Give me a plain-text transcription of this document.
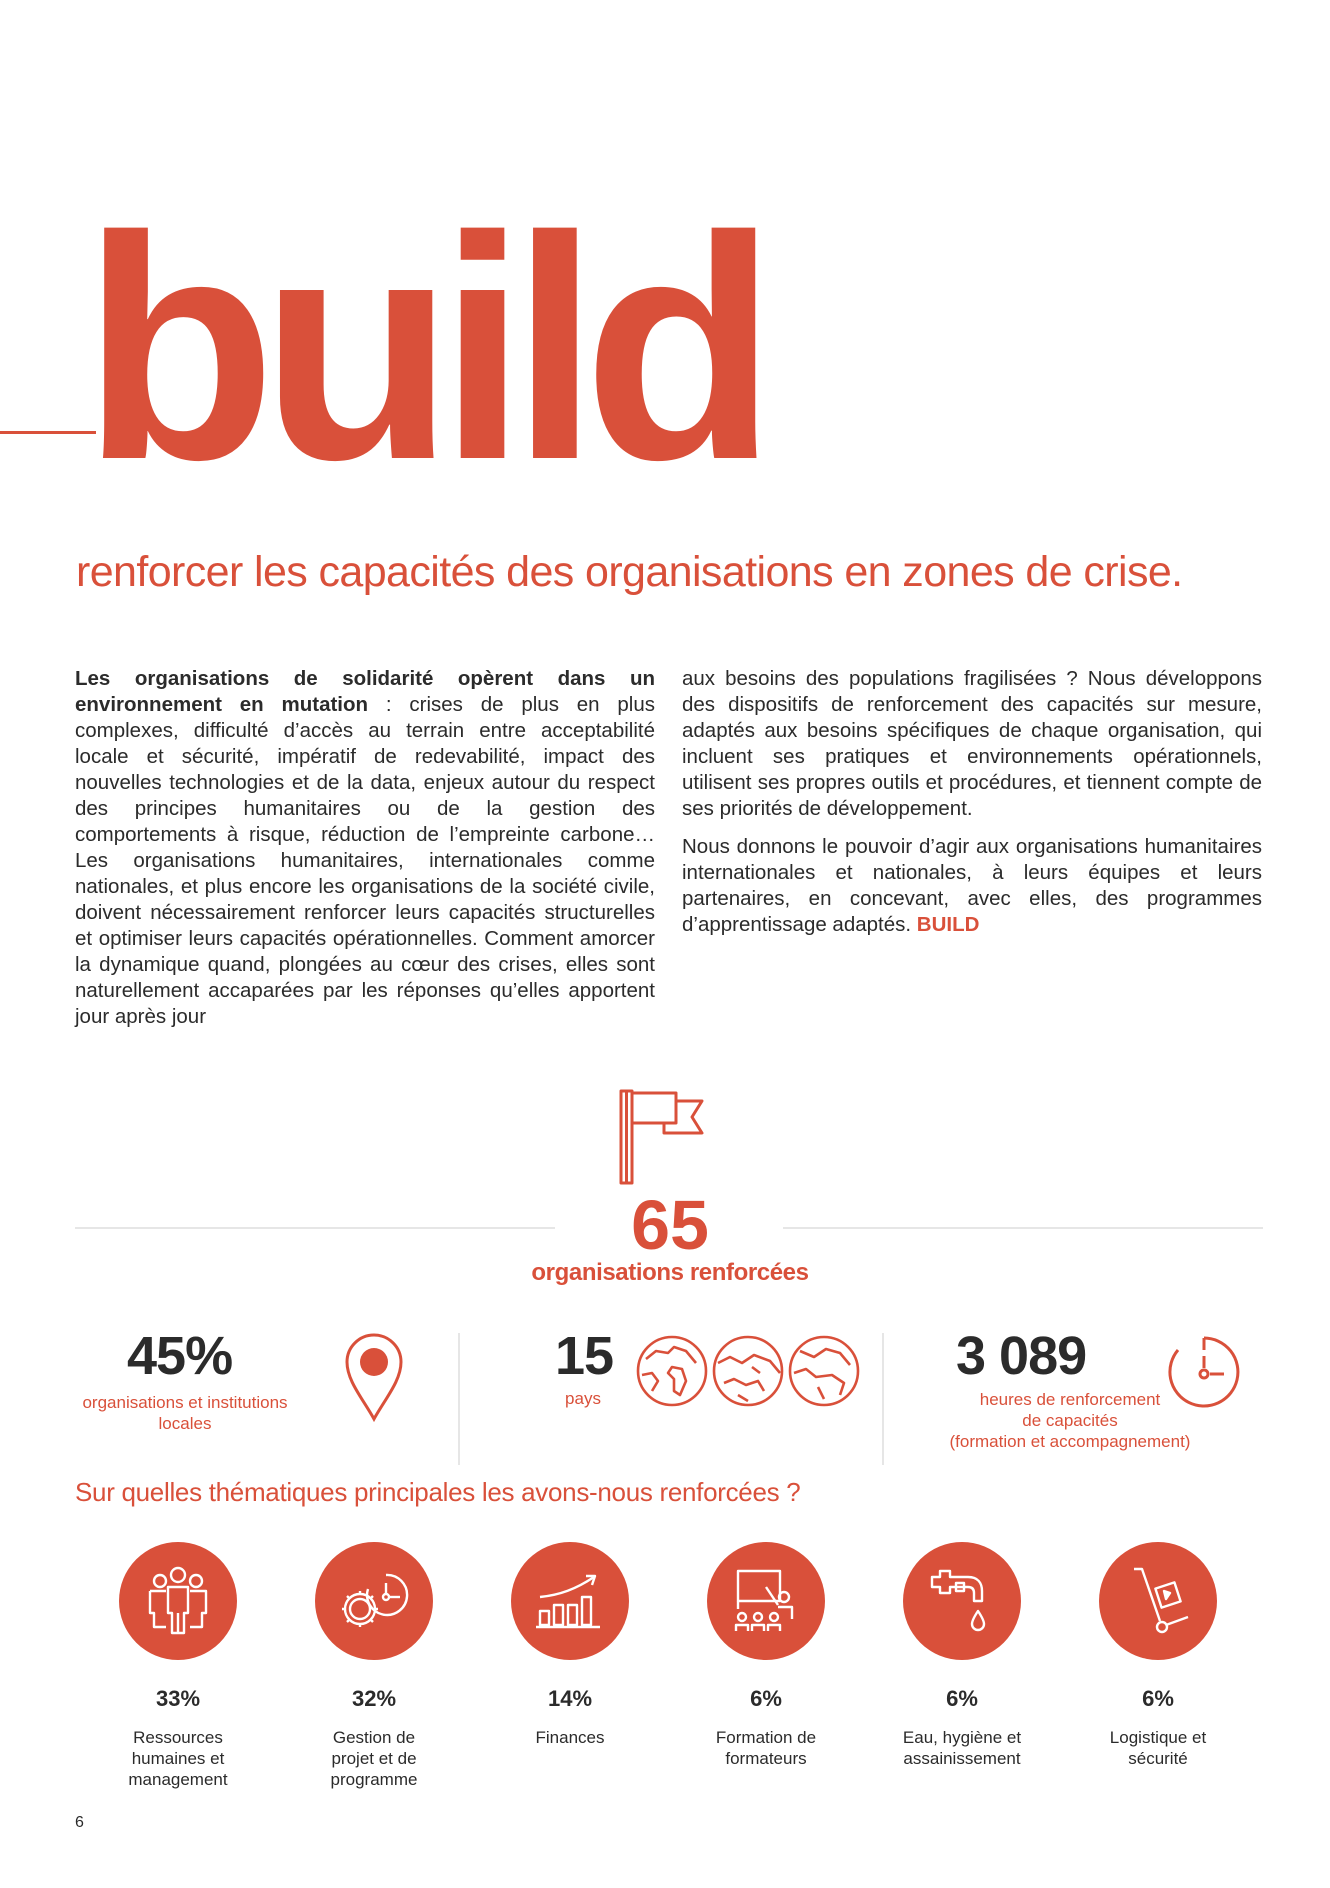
build
renforcer les capacités des organisations en zones de crise.

Les organisations de solidarité opèrent dans un environnement en mutation : crises de plus en plus complexes, difficulté d’accès au terrain entre acceptabilité locale et sécurité, impératif de redevabilité, impact des nouvelles technologies et de la data, enjeux autour du respect des principes humanitaires ou de la gestion des comportements à risque, réduction de l’empreinte carbone… Les organisations humanitaires, internationales comme nationales, et plus encore les organisations de la société civile, doivent nécessairement renforcer leurs capacités structurelles et optimiser leurs capacités opérationnelles. Comment amorcer la dynamique quand, plongées au cœur des crises, elles sont naturellement accaparées par les réponses qu’elles apportent jour après jour

aux besoins des populations fragilisées ? Nous développons des dispositifs de renforcement des capacités sur mesure, adaptés aux besoins spécifiques de chaque organisation, qui incluent ses pratiques et environnements opérationnels, utilisent ses propres outils et procédures, et tiennent compte de ses priorités de développement.

Nous donnons le pouvoir d’agir aux organisations humanitaires internationales et nationales, à leurs équipes et leurs partenaires, en concevant, avec elles, des programmes d’apprentissage adaptés. BUILD

65
organisations renforcées
45%
organisations et institutions
locales
15
pays
3 089
heures de renforcement
de capacités
(formation et accompagnement)
Sur quelles thématiques principales les avons-nous renforcées ?
33%
Ressources
humaines et
management
32%
Gestion de
projet et de
programme
14%
Finances
6%
Formation de
formateurs
6%
Eau, hygiène et
assainissement
6%
Logistique et
sécurité
6
